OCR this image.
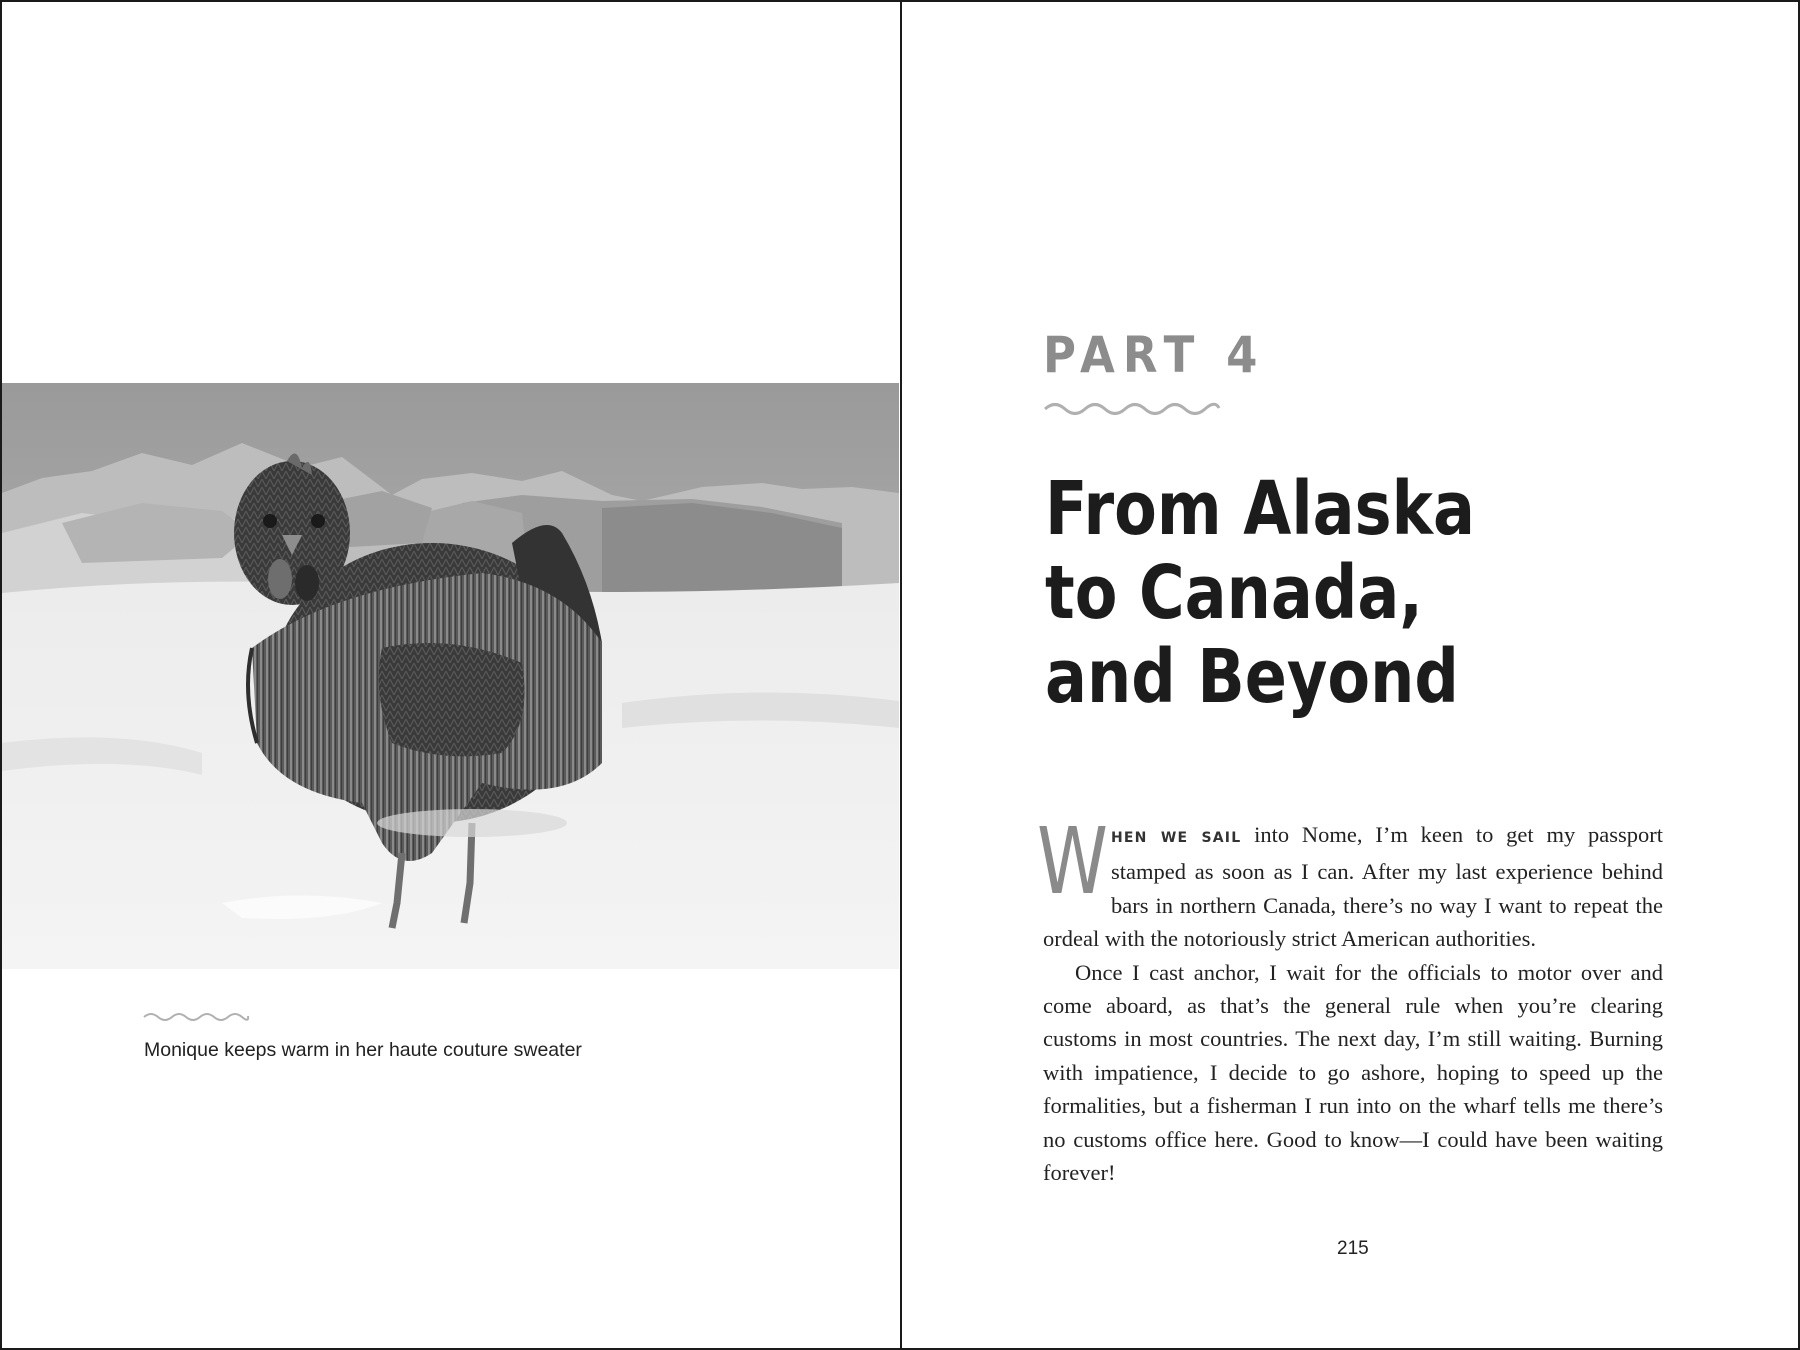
Monique keeps warm in her haute couture sweater
PART 4
From Alaska
to Canada,
and Beyond

WHEN WE SAIL into Nome, I’m keen to get my passport stamped as soon as I can. After my last experience behind bars in northern Canada, there’s no way I want to repeat the ordeal with the notoriously strict American authorities.

Once I cast anchor, I wait for the officials to motor over and come aboard, as that’s the general rule when you’re clearing customs in most countries. The next day, I’m still waiting. Burning with impatience, I decide to go ashore, hoping to speed up the formalities, but a fisherman I run into on the wharf tells me there’s no customs office here. Good to know—I could have been waiting forever!

215
